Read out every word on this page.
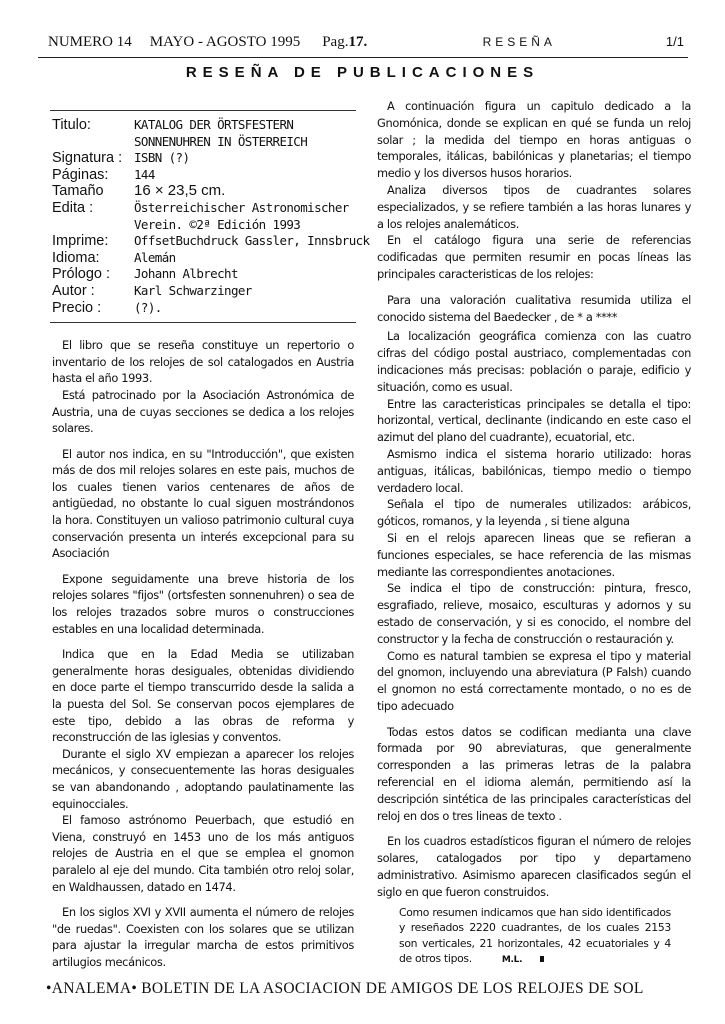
NUMERO 14 MAYO - AGOSTO 1995 Pag.17.	RESEÑA	1/1
RESEÑA DE PUBLICACIONES
Titulo:	KATALOG DER ÖRTSFESTERN
SONNENUHREN IN ÖSTERREICH
Signatura : ISBN (?)
Páginas:	144
Tamaño	16 × 23,5 cm.
Edita :	Österreichischer Astronomischer
Verein. ©2ª Edición 1993
Imprime:	OffsetBuchdruck Gassler, Innsbruck
Idioma:	Alemán
Prólogo :	Johann Albrecht
Autor :	Karl Schwarzinger
Precio :	(?).

El libro que se reseña constituye un repertorio o inventario de los relojes de sol catalogados en Austria hasta el año 1993.

Está patrocinado por la Asociación Astronómica de Austria, una de cuyas secciones se dedica a los relojes solares.

El autor nos indica, en su "Introducción", que existen más de dos mil relojes solares en este pais, muchos de los cuales tienen varios centenares de años de antigüedad, no obstante lo cual siguen mostrándonos la hora. Constituyen un valioso patrimonio cultural cuya conservación presenta un interés excepcional para su Asociación

Expone seguidamente una breve historia de los relojes solares "fijos" (ortsfesten sonnenuhren) o sea de los relojes trazados sobre muros o construcciones estables en una localidad determinada.

Indica que en la Edad Media se utilizaban generalmente horas desiguales, obtenidas dividiendo en doce parte el tiempo transcurrido desde la salida a la puesta del Sol. Se conservan pocos ejemplares de este tipo, debido a las obras de reforma y reconstrucción de las iglesias y conventos.

Durante el siglo XV empiezan a aparecer los relojes mecánicos, y consecuentemente las horas desiguales se van abandonando , adoptando paulatinamente las equinocciales.

El famoso astrónomo Peuerbach, que estudió en Viena, construyó en 1453 uno de los más antiguos relojes de Austria en el que se emplea el gnomon paralelo al eje del mundo. Cita también otro reloj solar, en Waldhaussen, datado en 1474.

En los siglos XVI y XVII aumenta el número de relojes "de ruedas". Coexisten con los solares que se utilizan para ajustar la irregular marcha de estos primitivos artilugios mecánicos.

A continuación figura un capitulo dedicado a la Gnomónica, donde se explican en qué se funda un reloj solar ; la medida del tiempo en horas antiguas o temporales, itálicas, babilónicas y planetarias; el tiempo medio y los diversos husos horarios.

Analiza diversos tipos de cuadrantes solares especializados, y se refiere también a las horas lunares y a los relojes analemáticos.

En el catálogo figura una serie de referencias codificadas que permiten resumir en pocas líneas las principales caracteristicas de los relojes:

Para una valoración cualitativa resumida utiliza el conocido sistema del Baedecker , de * a ****

La localización geográfica comienza con las cuatro cifras del código postal austriaco, complementadas con indicaciones más precisas: población o paraje, edificio y situación, como es usual.

Entre las caracteristicas principales se detalla el tipo: horizontal, vertical, declinante (indicando en este caso el azimut del plano del cuadrante), ecuatorial, etc.

Asmismo indica el sistema horario utilizado: horas antiguas, itálicas, babilónicas, tiempo medio o tiempo verdadero local.

Señala el tipo de numerales utilizados: arábicos, góticos, romanos, y la leyenda , si tiene alguna

Si en el relojs aparecen lineas que se refieran a funciones especiales, se hace referencia de las mismas mediante las correspondientes anotaciones.

Se indica el tipo de construcción: pintura, fresco, esgrafiado, relieve, mosaico, esculturas y adornos y su estado de conservación, y si es conocido, el nombre del constructor y la fecha de construcción o restauración y.

Como es natural tambien se expresa el tipo y material del gnomon, incluyendo una abreviatura (P Falsh) cuando el gnomon no está correctamente montado, o no es de tipo adecuado

Todas estos datos se codifican medianta una clave formada por 90 abreviaturas, que generalmente corresponden a las primeras letras de la palabra referencial en el idioma alemán, permitiendo así la descripción sintética de las principales características del reloj en dos o tres lineas de texto .

En los cuadros estadísticos figuran el número de relojes solares, catalogados por tipo y departameno administrativo. Asimismo aparecen clasificados según el siglo en que fueron construidos.

Como resumen indicamos que han sido identificados y reseñados 2220 cuadrantes, de los cuales 2153 son verticales, 21 horizontales, 42 ecuatoriales y 4 de otros tipos.	M.L.

•ANALEMA• BOLETIN DE LA ASOCIACION DE AMIGOS DE LOS RELOJES DE SOL
